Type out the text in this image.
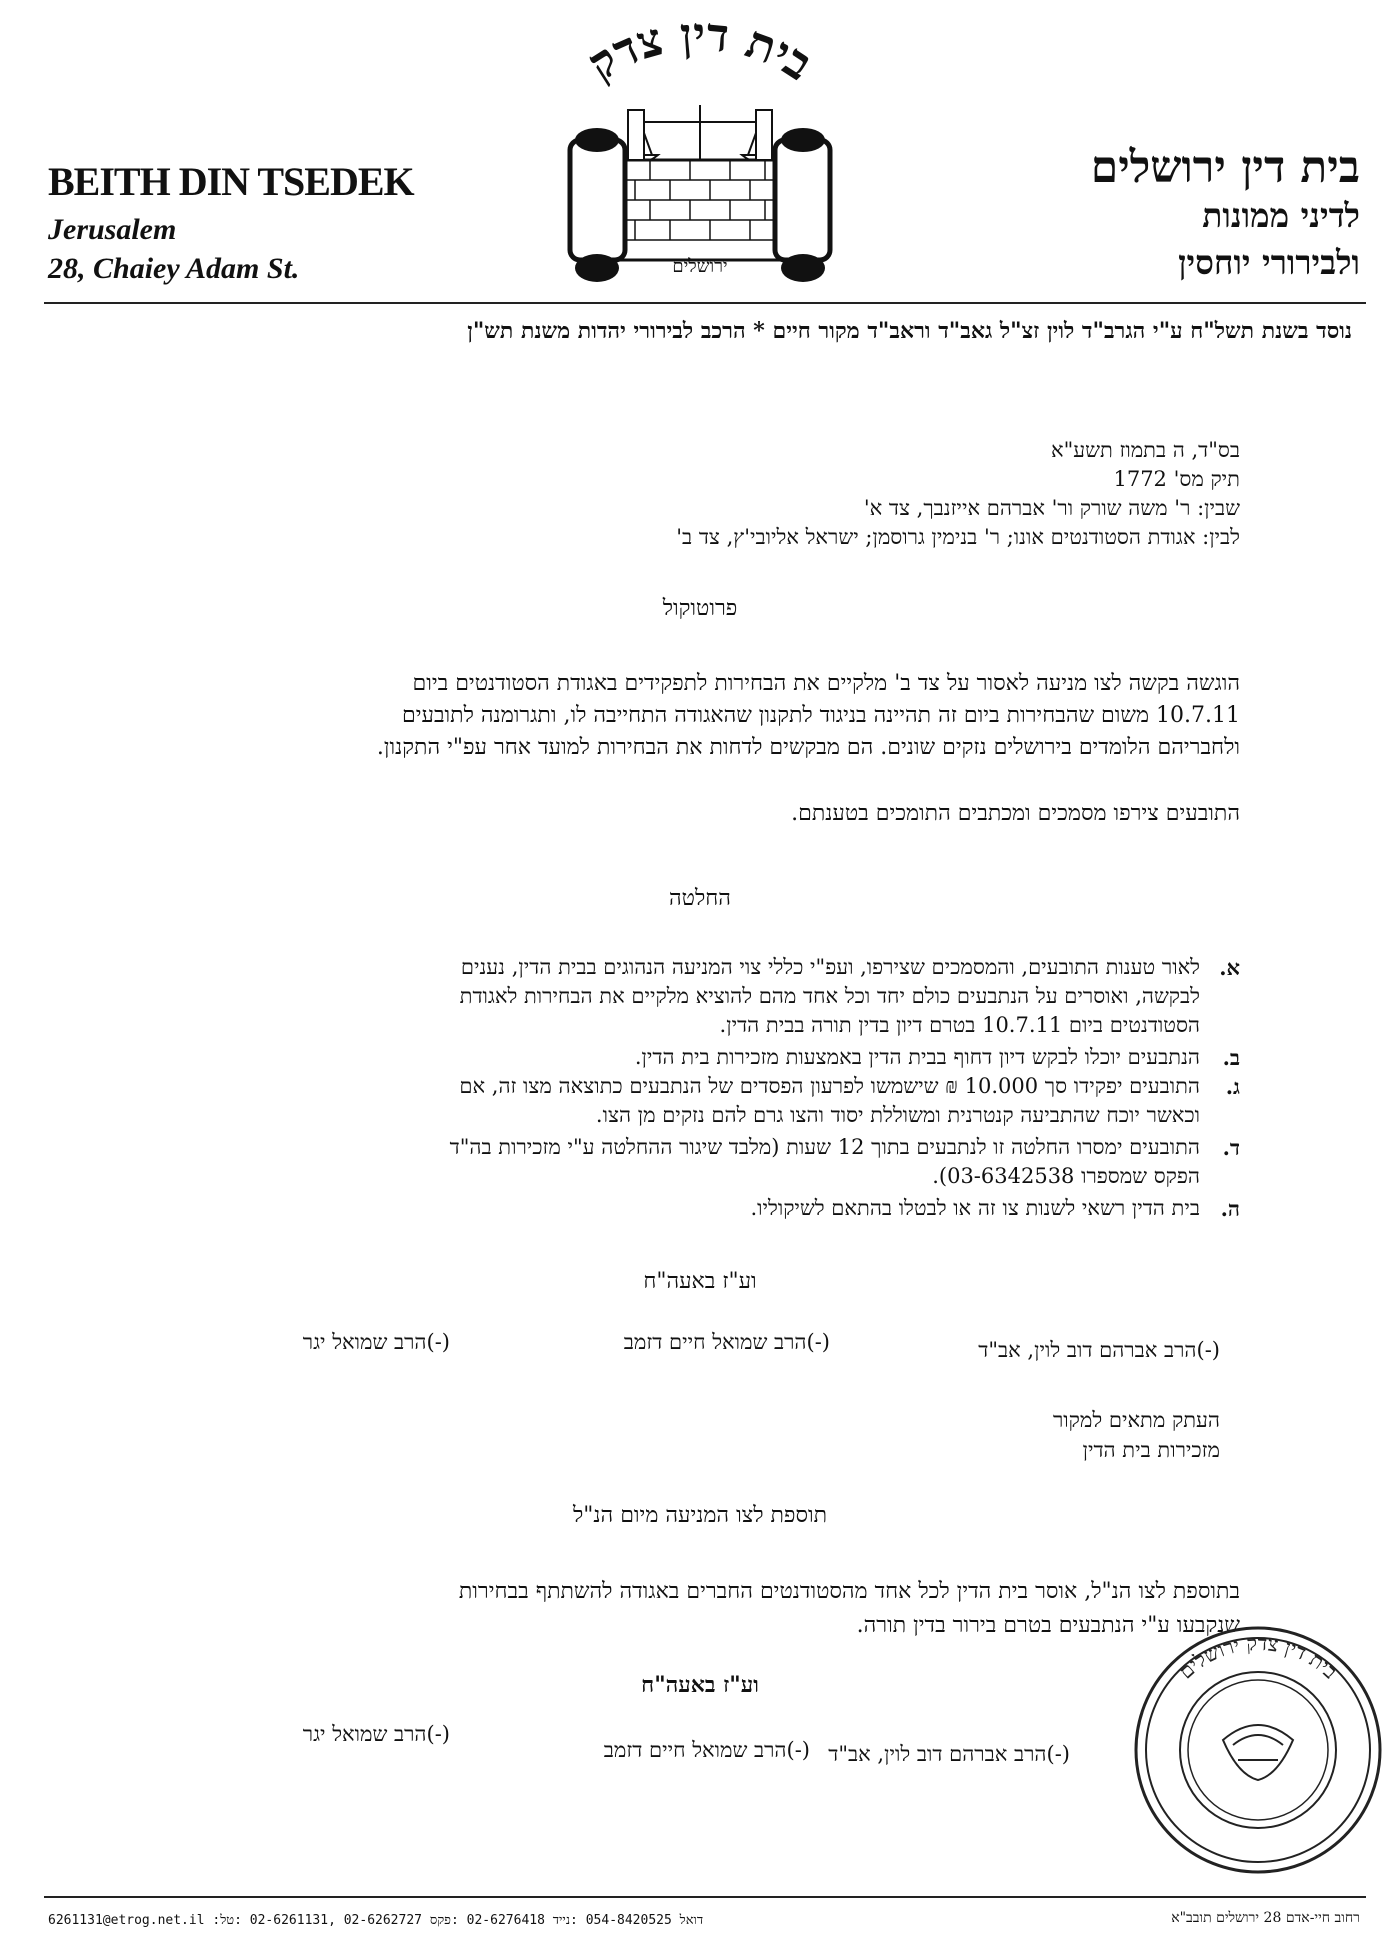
BEITH DIN TSEDEK
Jerusalem
28, Chaiey Adam St.
בית דין ירושלים
לדיני ממונות
ולבירורי יוחסין
בית דין צדק
ירושלים
נוסד בשנת תשל"ח ע"י הגרב"ד לוין זצ"ל גאב"ד וראב"ד מקור חיים * הרכב לבירורי יהדות משנת תש"ן
בס"ד, ה בתמוז תשע"א
תיק מס' 1772
שבין: ר' משה שורק ור' אברהם אייזנבך, צד א'
לבין: אגודת הסטודנטים אונו; ר' בנימין גרוסמן; ישראל אליובי'ץ, צד ב'
פרוטוקול
הוגשה בקשה לצו מניעה לאסור על צד ב' מלקיים את הבחירות לתפקידים באגודת הסטודנטים ביום
10.7.11 משום שהבחירות ביום זה תהיינה בניגוד לתקנון שהאגודה התחייבה לו, ותגרומנה לתובעים
ולחבריהם הלומדים בירושלים נזקים שונים. הם מבקשים לדחות את הבחירות למועד אחר עפ"י התקנון.
התובעים צירפו מסמכים ומכתבים התומכים בטענתם.
החלטה
א.
לאור טענות התובעים, והמסמכים שצירפו, ועפ"י כללי צוי המניעה הנהוגים בבית הדין, נענים
לבקשה, ואוסרים על הנתבעים כולם יחד וכל אחד מהם להוציא מלקיים את הבחירות לאגודת
הסטודנטים ביום 10.7.11 בטרם דיון בדין תורה בבית הדין.
ב.
הנתבעים יוכלו לבקש דיון דחוף בבית הדין באמצעות מזכירות בית הדין.
ג.
התובעים יפקידו סך 10.000 ₪ שישמשו לפרעון הפסדים של הנתבעים כתוצאה מצו זה, אם
וכאשר יוכח שהתביעה קנטרנית ומשוללת יסוד והצו גרם להם נזקים מן הצו.
ד.
התובעים ימסרו החלטה זו לנתבעים בתוך 12 שעות (מלבד שיגור ההחלטה ע"י מזכירות בה"ד
הפקס שמספרו 03-6342538).
ה.
בית הדין רשאי לשנות צו זה או לבטלו בהתאם לשיקוליו.
וע"ז באעה"ח
(-)הרב אברהם דוב לוין, אב"ד
(-)הרב שמואל חיים דזמב
(-)הרב שמואל יגר
העתק מתאים למקור
מזכירות בית הדין
תוספת לצו המניעה מיום הנ"ל
בתוספת לצו הנ"ל, אוסר בית הדין לכל אחד מהסטודנטים החברים באגודה להשתתף בבחירות
שנקבעו ע"י הנתבעים בטרם בירור בדין תורה.
וע"ז באעה"ח
(-)הרב אברהם דוב לוין, אב"ד
(-)הרב שמואל חיים דזמב
(-)הרב שמואל יגר
בית דין צדק ירושלים
6261131@etrog.net.il :דואל 054-8420525 :נייד 02-6276418 :פקס 02-6262727 ,02-6261131 :טל	רחוב חיי-אדם 28 ירושלים תובב"א
